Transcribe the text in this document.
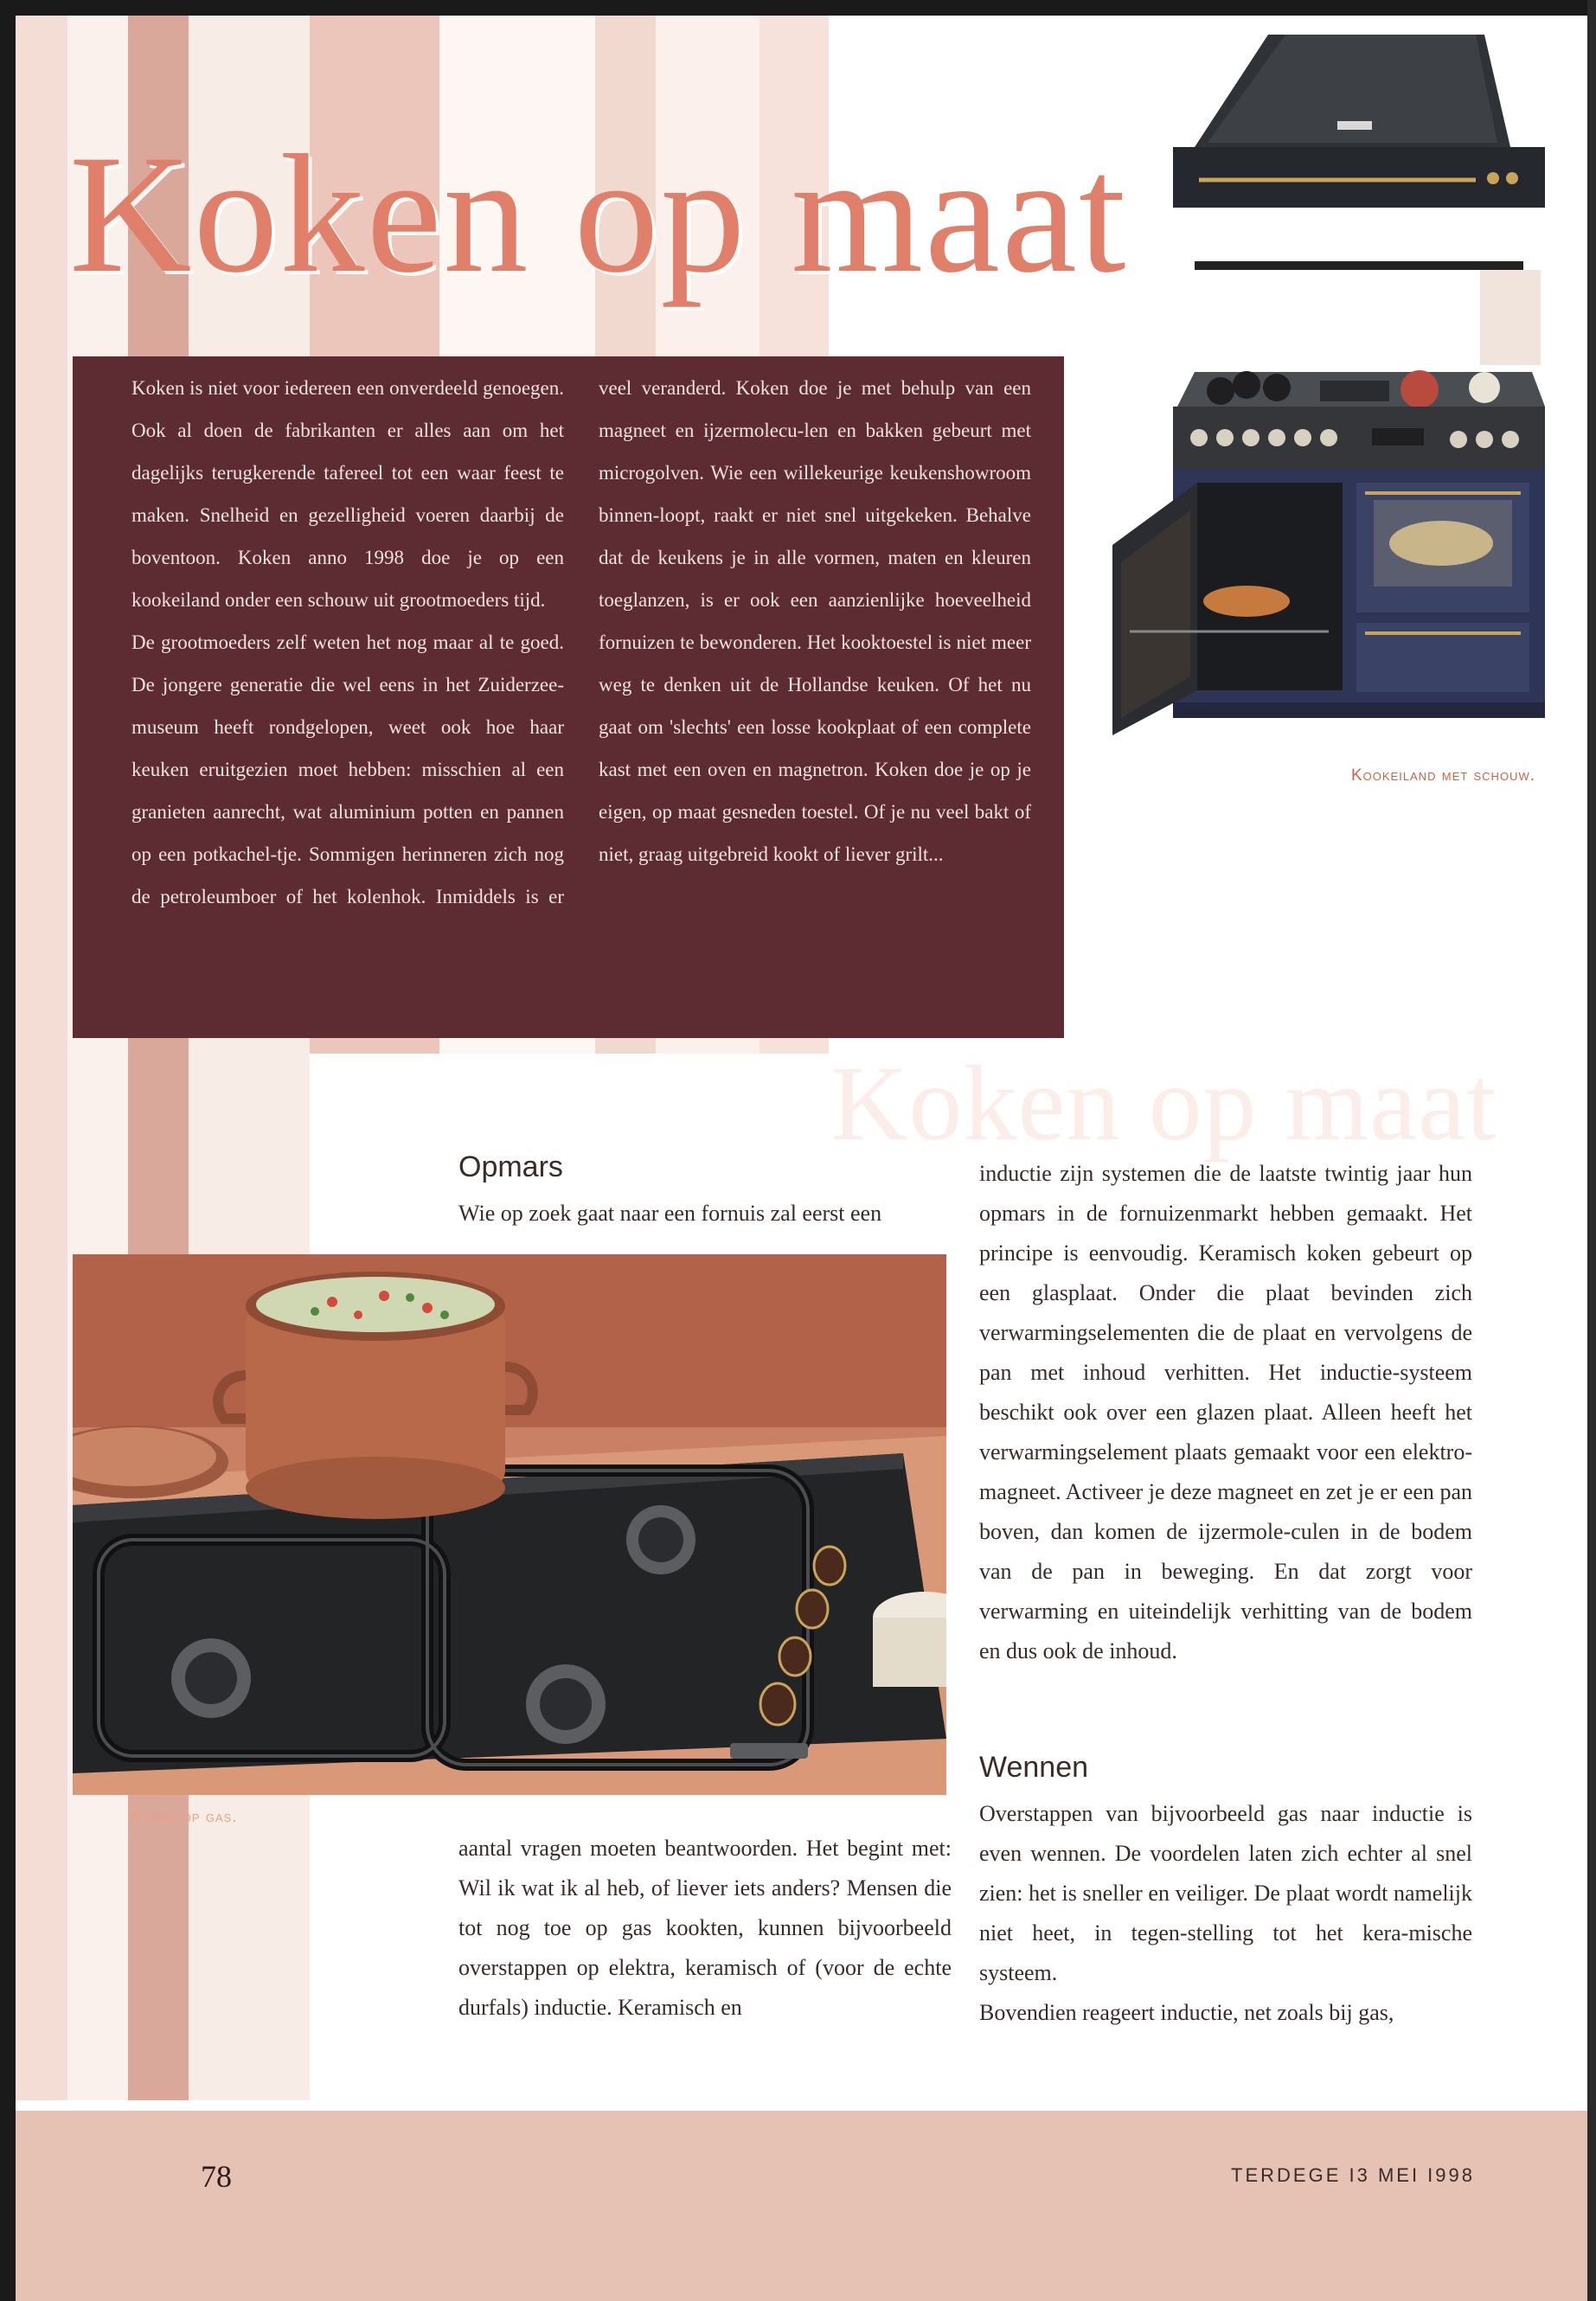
Koken op maat

Koken is niet voor iedereen een onverdeeld genoegen. Ook al doen de fabrikanten er alles aan om het dagelijks terugkerende tafereel tot een waar feest te maken. Snelheid en gezelligheid voeren daarbij de boventoon. Koken anno 1998 doe je op een kookeiland onder een schouw uit grootmoeders tijd.

De grootmoeders zelf weten het nog maar al te goed. De jongere generatie die wel eens in het Zuiderzee-museum heeft rondgelopen, weet ook hoe haar keuken eruitgezien moet hebben: misschien al een granieten aanrecht, wat aluminium potten en pannen op een potkachel-tje. Sommigen herinneren zich nog de petroleumboer of het kolenhok. Inmiddels is er veel veranderd. Koken doe je met behulp van een magneet en ijzermolecu-len en bakken gebeurt met microgolven. Wie een willekeurige keukenshowroom binnen-loopt, raakt er niet snel uitgekeken. Behalve dat de keukens je in alle vormen, maten en kleuren toeglanzen, is er ook een aanzienlijke hoeveelheid fornuizen te bewonderen. Het kooktoestel is niet meer weg te denken uit de Hollandse keuken. Of het nu gaat om 'slechts' een losse kookplaat of een complete kast met een oven en magnetron. Koken doe je op je eigen, op maat gesneden toestel. Of je nu veel bakt of niet, graag uitgebreid kookt of liever grilt...

Kookeiland met schouw.
Koken op maat
Koken op gas.
Opmars

Wie op zoek gaat naar een fornuis zal eerst een

aantal vragen moeten beantwoorden. Het begint met: Wil ik wat ik al heb, of liever iets anders? Mensen die tot nog toe op gas kookten, kunnen bijvoorbeeld overstappen op elektra, keramisch of (voor de echte durfals) inductie. Keramisch en

inductie zijn systemen die de laatste twintig jaar hun opmars in de fornuizenmarkt hebben gemaakt. Het principe is eenvoudig. Keramisch koken gebeurt op een glasplaat. Onder die plaat bevinden zich verwarmingselementen die de plaat en vervolgens de pan met inhoud verhitten. Het inductie-systeem beschikt ook over een glazen plaat. Alleen heeft het verwarmingselement plaats gemaakt voor een elektro-magneet. Activeer je deze magneet en zet je er een pan boven, dan komen de ijzermole-culen in de bodem van de pan in beweging. En dat zorgt voor verwarming en uiteindelijk verhitting van de bodem en dus ook de inhoud.

Wennen

Overstappen van bijvoorbeeld gas naar inductie is even wennen. De voordelen laten zich echter al snel zien: het is sneller en veiliger. De plaat wordt namelijk niet heet, in tegen-stelling tot het kera-mische systeem.

Bovendien reageert inductie, net zoals bij gas,

78	TERDEGE I3 MEI I998
